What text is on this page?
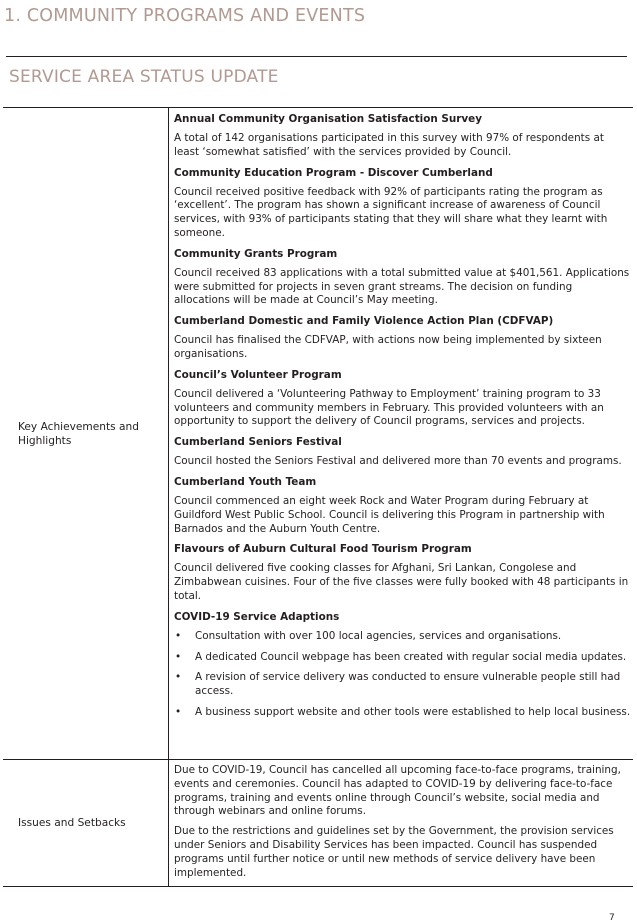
1. COMMUNITY PROGRAMS AND EVENTS
SERVICE AREA STATUS UPDATE
Key Achievements and Highlights
Annual Community Organisation Satisfaction Survey
A total of 142 organisations participated in this survey with 97% of respondents at least ‘somewhat satisfied’ with the services provided by Council.
Community Education Program - Discover Cumberland
Council received positive feedback with 92% of participants rating the program as ‘excellent’. The program has shown a significant increase of awareness of Council services, with 93% of participants stating that they will share what they learnt with someone.
Community Grants Program
Council received 83 applications with a total submitted value at $401,561. Applications were submitted for projects in seven grant streams. The decision on funding allocations will be made at Council’s May meeting.
Cumberland Domestic and Family Violence Action Plan (CDFVAP)
Council has finalised the CDFVAP, with actions now being implemented by sixteen organisations.
Council’s Volunteer Program
Council delivered a ‘Volunteering Pathway to Employment’ training program to 33 volunteers and community members in February. This provided volunteers with an opportunity to support the delivery of Council programs, services and projects.
Cumberland Seniors Festival
Council hosted the Seniors Festival and delivered more than 70 events and programs.
Cumberland Youth Team
Council commenced an eight week Rock and Water Program during February at Guildford West Public School. Council is delivering this Program in partnership with Barnados and the Auburn Youth Centre.
Flavours of Auburn Cultural Food Tourism Program
Council delivered five cooking classes for Afghani, Sri Lankan, Congolese and Zimbabwean cuisines. Four of the five classes were fully booked with 48 participants in total.
COVID-19 Service Adaptions
• Consultation with over 100 local agencies, services and organisations.
• A dedicated Council webpage has been created with regular social media updates.
• A revision of service delivery was conducted to ensure vulnerable people still had access.
• A business support website and other tools were established to help local business.
Issues and Setbacks
Due to COVID-19, Council has cancelled all upcoming face-to-face programs, training, events and ceremonies. Council has adapted to COVID-19 by delivering face-to-face programs, training and events online through Council’s website, social media and through webinars and online forums.
Due to the restrictions and guidelines set by the Government, the provision services under Seniors and Disability Services has been impacted. Council has suspended programs until further notice or until new methods of service delivery have been implemented.
7
